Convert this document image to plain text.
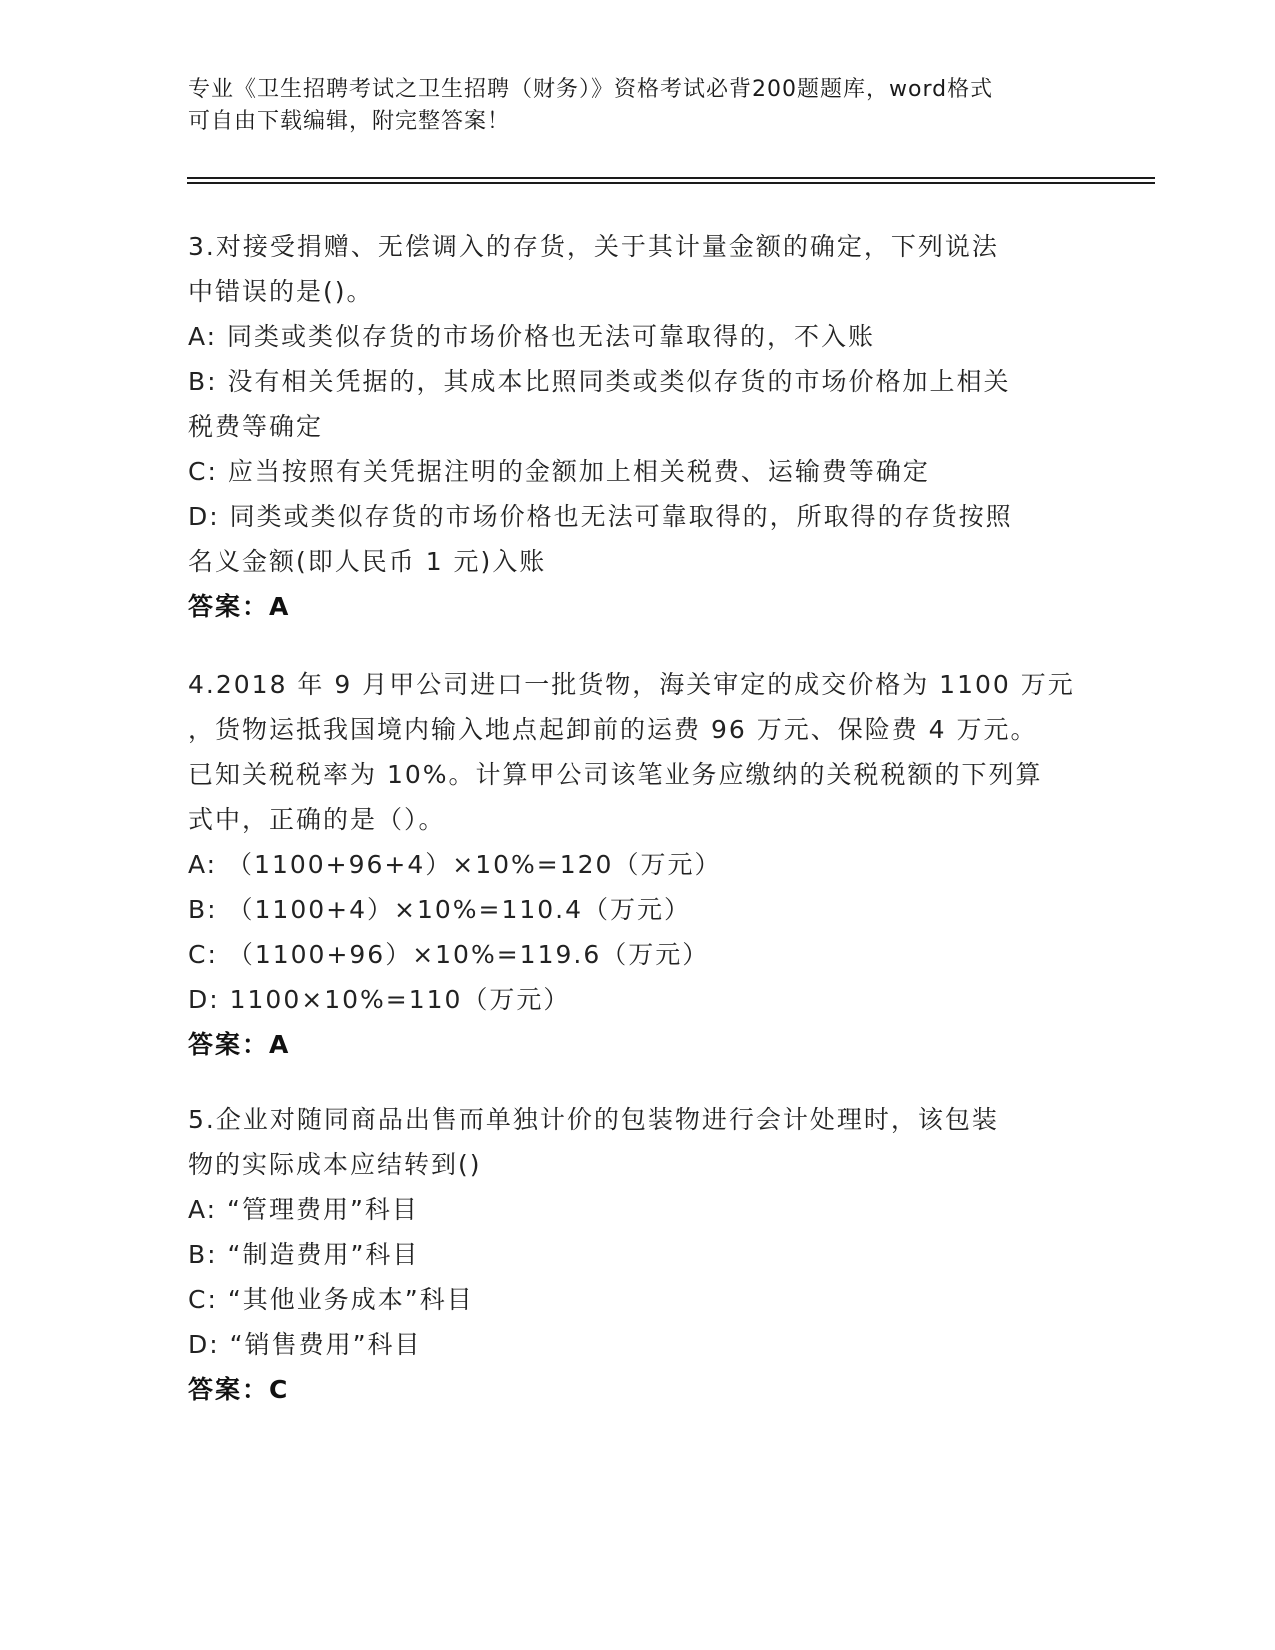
专业《卫生招聘考试之卫生招聘（财务）》资格考试必背200题题库，word格式
可自由下载编辑，附完整答案！
3.对接受捐赠、无偿调入的存货，关于其计量金额的确定，下列说法
中错误的是()。
A: 同类或类似存货的市场价格也无法可靠取得的，不入账
B: 没有相关凭据的，其成本比照同类或类似存货的市场价格加上相关
税费等确定
C: 应当按照有关凭据注明的金额加上相关税费、运输费等确定
D: 同类或类似存货的市场价格也无法可靠取得的，所取得的存货按照
名义金额(即人民币 1 元)入账
答案：A
4.2018 年 9 月甲公司进口一批货物，海关审定的成交价格为 1100 万元
，货物运抵我国境内输入地点起卸前的运费 96 万元、保险费 4 万元。
已知关税税率为 10%。计算甲公司该笔业务应缴纳的关税税额的下列算
式中，正确的是（）。
A: （1100+96+4）×10%=120（万元）
B: （1100+4）×10%=110.4（万元）
C: （1100+96）×10%=119.6（万元）
D: 1100×10%=110（万元）
答案：A
5.企业对随同商品出售而单独计价的包装物进行会计处理时，该包装
物的实际成本应结转到()
A: “管理费用”科目
B: “制造费用”科目
C: “其他业务成本”科目
D: “销售费用”科目
答案：C
